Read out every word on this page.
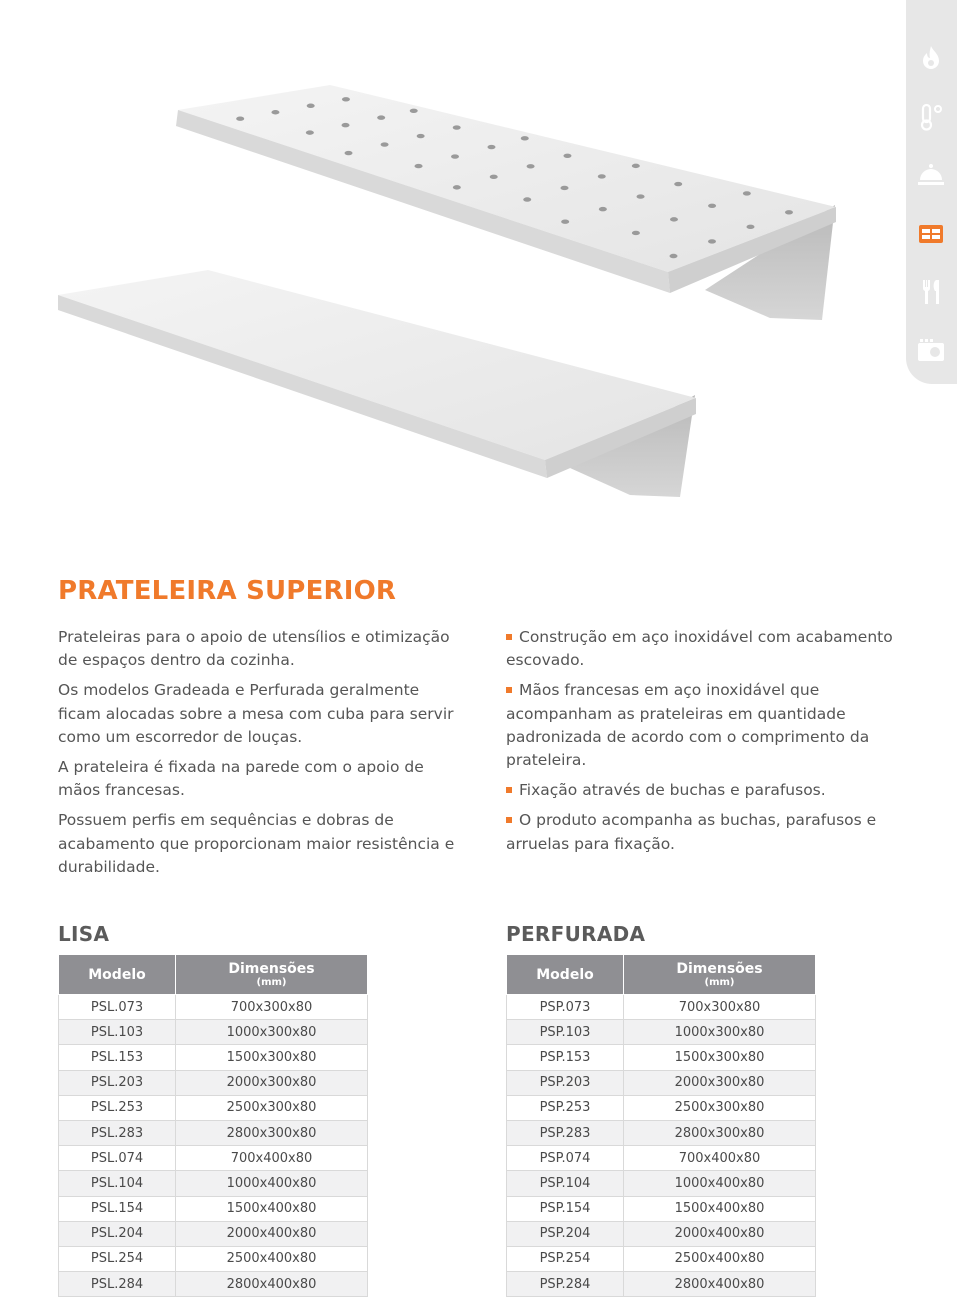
PRATELEIRA SUPERIOR

Prateleiras para o apoio de utensílios e otimização de espaços dentro da cozinha.

Os modelos Gradeada e Perfurada geralmente ficam alocadas sobre a mesa com cuba para servir como um escorredor de louças.

A prateleira é fixada na parede com o apoio de mãos francesas.

Possuem perfis em sequências e dobras de acabamento que proporcionam maior resistência e durabilidade.

Construção em aço inoxidável com acabamento escovado.

Mãos francesas em aço inoxidável que acompanham as prateleiras em quantidade padronizada de acordo com o comprimento da prateleira.

Fixação através de buchas e parafusos.

O produto acompanha as buchas, parafusos e arruelas para fixação.

LISA	PERFURADA
Modelo	Dimensões
(mm)

PSL.073	700x300x80
PSL.103	1000x300x80
PSL.153	1500x300x80
PSL.203	2000x300x80
PSL.253	2500x300x80
PSL.283	2800x300x80
PSL.074	700x400x80
PSL.104	1000x400x80
PSL.154	1500x400x80
PSL.204	2000x400x80
PSL.254	2500x400x80
PSL.284	2800x400x80
Modelo	Dimensões
(mm)

PSP.073	700x300x80
PSP.103	1000x300x80
PSP.153	1500x300x80
PSP.203	2000x300x80
PSP.253	2500x300x80
PSP.283	2800x300x80
PSP.074	700x400x80
PSP.104	1000x400x80
PSP.154	1500x400x80
PSP.204	2000x400x80
PSP.254	2500x400x80
PSP.284	2800x400x80
